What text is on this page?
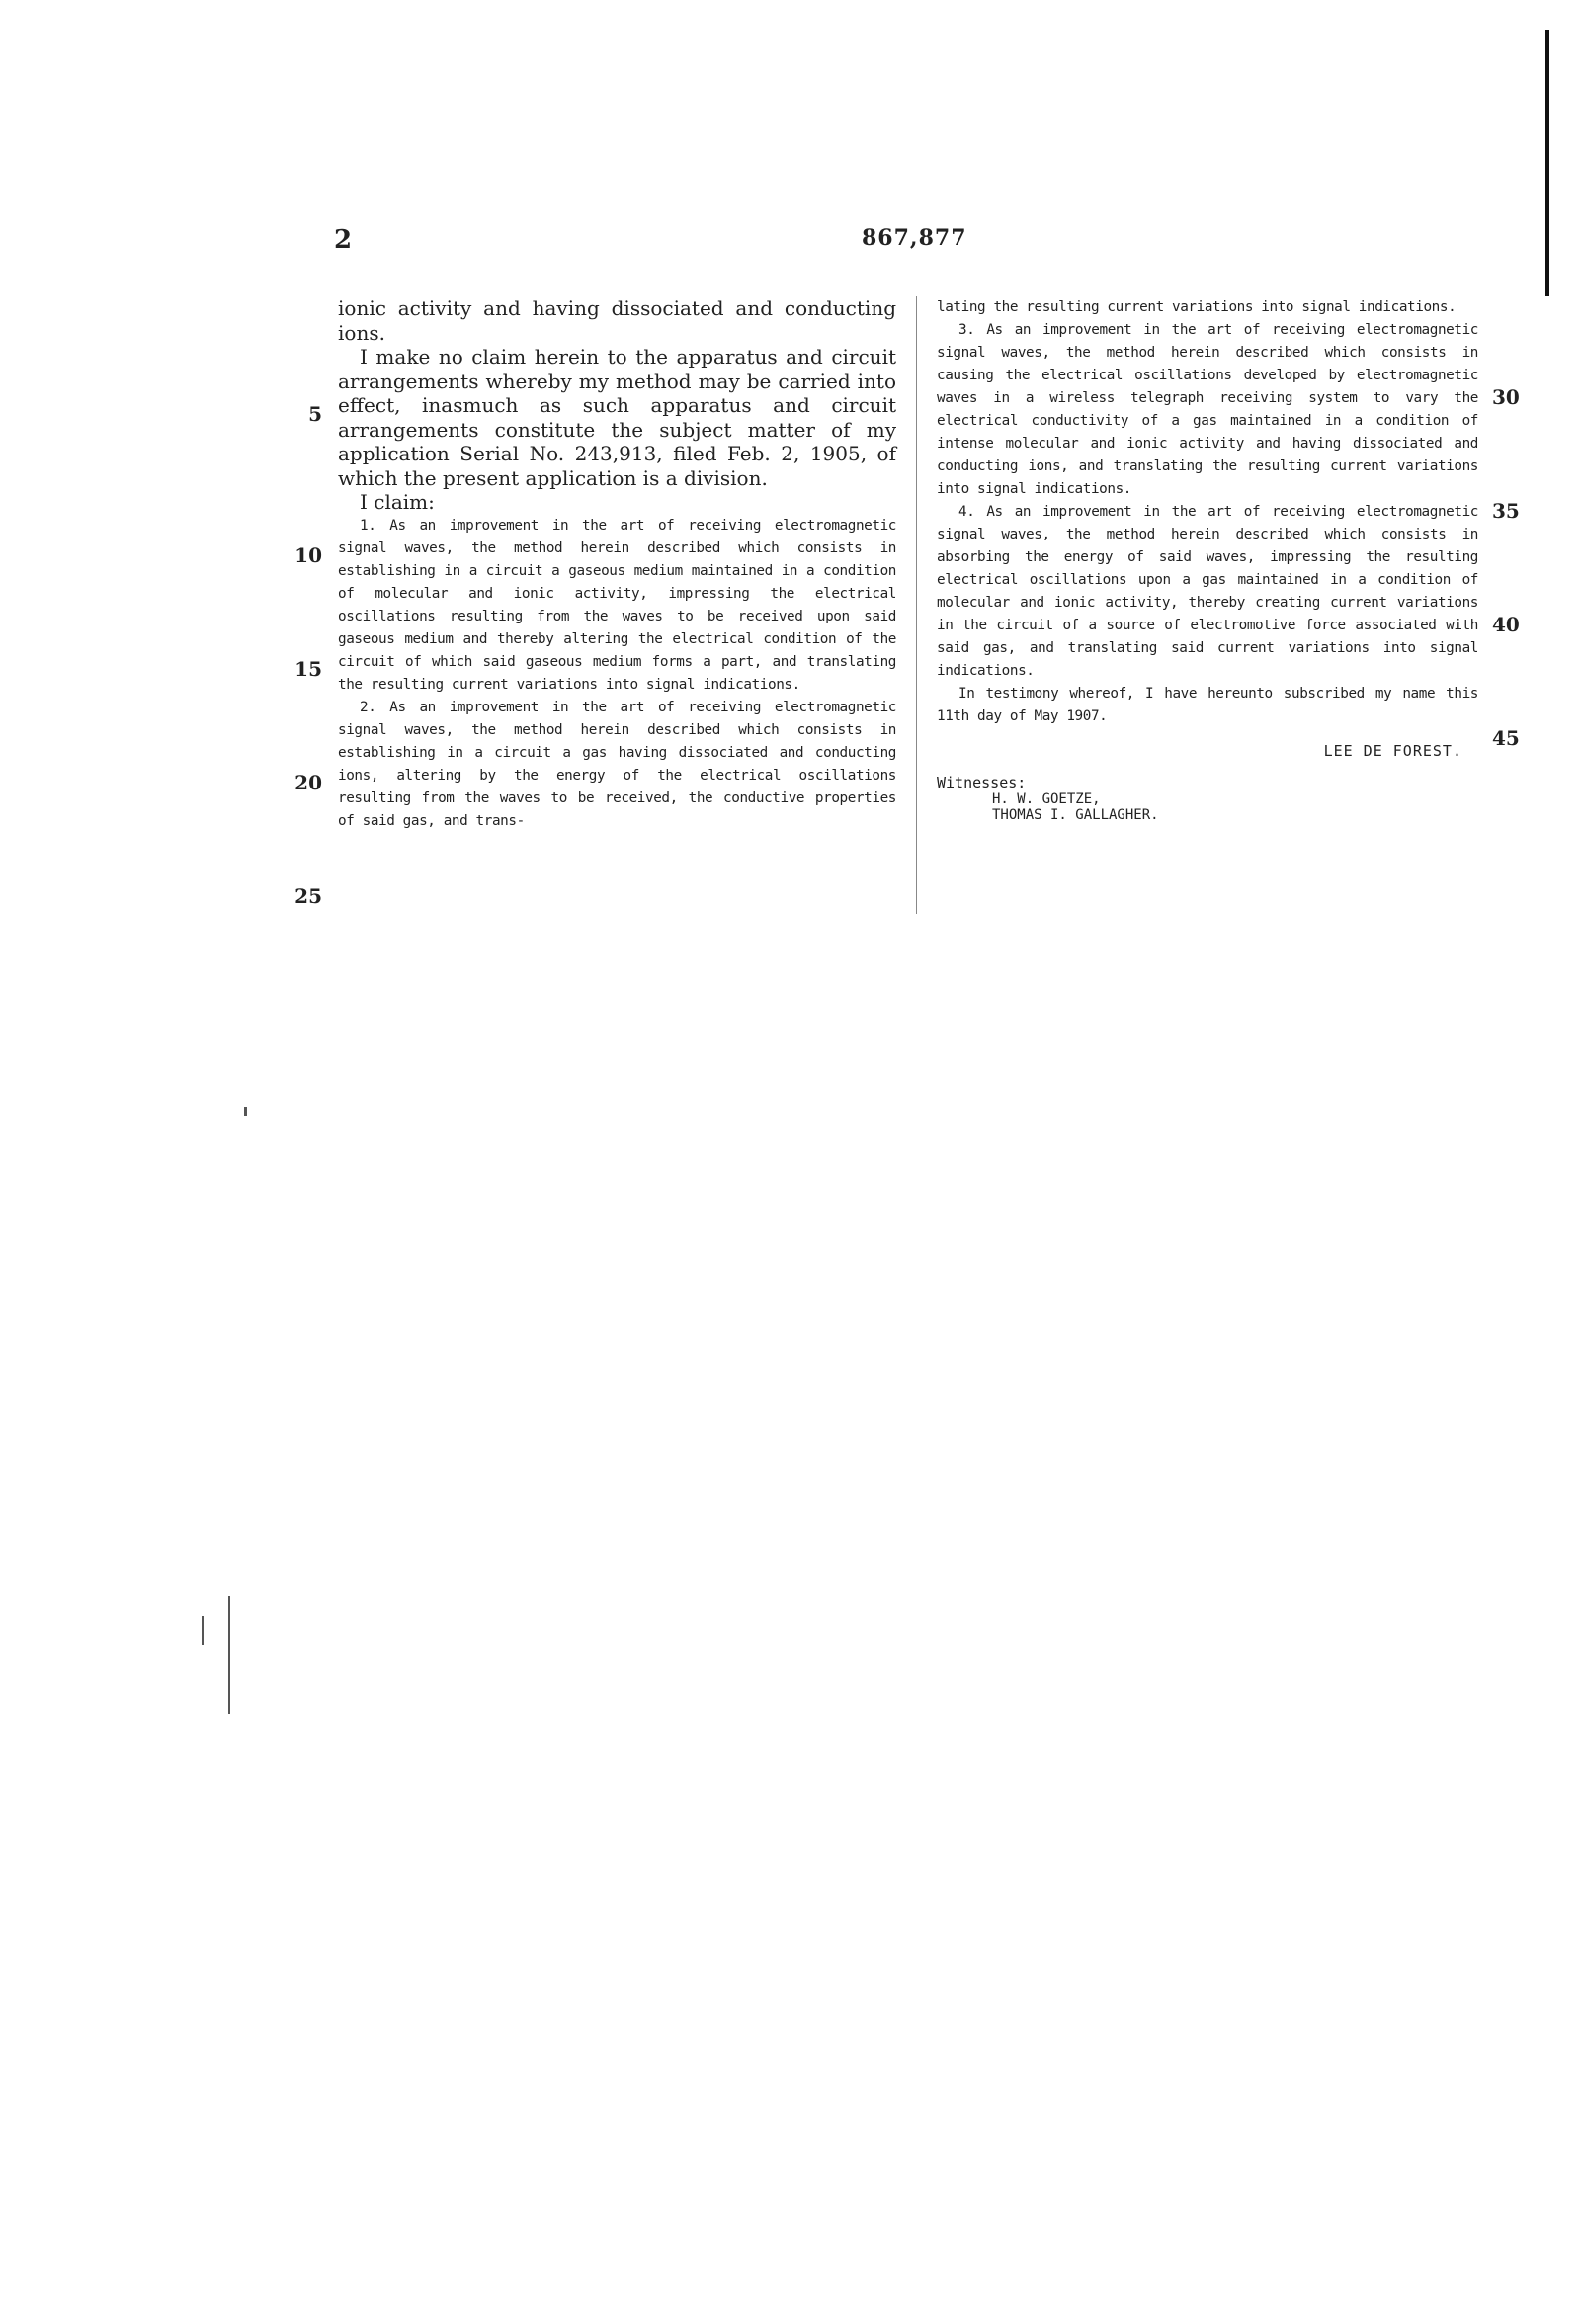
2	867,877

ionic activity and having dissociated and conducting ions.

I make no claim herein to the apparatus and circuit arrangements whereby my method may be carried into effect, inasmuch as such apparatus and circuit arrangements constitute the subject matter of my application Serial No. 243,913, filed Feb. 2, 1905, of which the present application is a division.

I claim:

1. As an improvement in the art of receiving electromagnetic signal waves, the method herein described which consists in establishing in a circuit a gaseous medium maintained in a condition of molecular and ionic activity, impressing the electrical oscillations resulting from the waves to be received upon said gaseous medium and thereby altering the electrical condition of the circuit of which said gaseous medium forms a part, and translating the resulting current variations into signal indications.

2. As an improvement in the art of receiving electromagnetic signal waves, the method herein described which consists in establishing in a circuit a gas having dissociated and conducting ions, altering by the energy of the electrical oscillations resulting from the waves to be received, the conductive properties of said gas, and trans-

lating the resulting current variations into signal indications.

3. As an improvement in the art of receiving electromagnetic signal waves, the method herein described which consists in causing the electrical oscillations developed by electromagnetic waves in a wireless telegraph receiving system to vary the electrical conductivity of a gas maintained in a condition of intense molecular and ionic activity and having dissociated and conducting ions, and translating the resulting current variations into signal indications.

4. As an improvement in the art of receiving electromagnetic signal waves, the method herein described which consists in absorbing the energy of said waves, impressing the resulting electrical oscillations upon a gas maintained in a condition of molecular and ionic activity, thereby creating current variations in the circuit of a source of electromotive force associated with said gas, and translating said current variations into signal indications.

In testimony whereof, I have hereunto subscribed my name this 11th day of May 1907.

LEE DE FOREST.
Witnesses:
H. W. GOETZE,
THOMAS I. GALLAGHER.
5
10
15
20
25
30
35
40
45
